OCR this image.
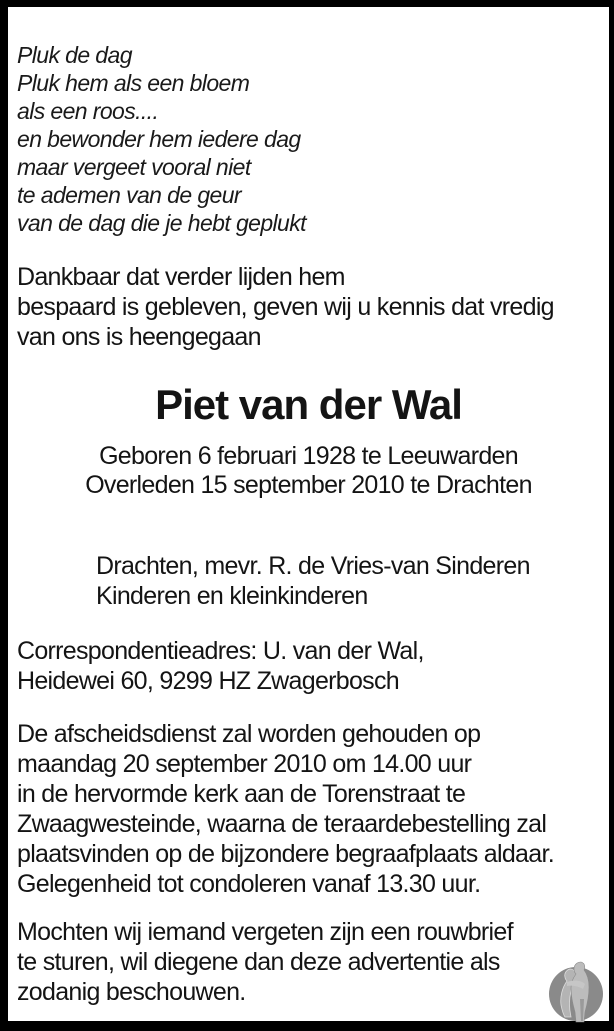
Pluk de dag
Pluk hem als een bloem
als een roos....
en bewonder hem iedere dag
maar vergeet vooral niet
te ademen van de geur
van de dag die je hebt geplukt
Dankbaar dat verder lijden hem
bespaard is gebleven, geven wij u kennis dat vredig
van ons is heengegaan
Piet van der Wal
Geboren 6 februari 1928 te Leeuwarden
Overleden 15 september 2010 te Drachten
Drachten, mevr. R. de Vries-van Sinderen
Kinderen en kleinkinderen
Correspondentieadres: U. van der Wal,
Heidewei 60, 9299 HZ Zwagerbosch
De afscheidsdienst zal worden gehouden op
maandag 20 september 2010 om 14.00 uur
in de hervormde kerk aan de Torenstraat te
Zwaagwesteinde, waarna de teraardebestelling zal
plaatsvinden op de bijzondere begraafplaats aldaar.
Gelegenheid tot condoleren vanaf 13.30 uur.
Mochten wij iemand vergeten zijn een rouwbrief
te sturen, wil diegene dan deze advertentie als
zodanig beschouwen.
